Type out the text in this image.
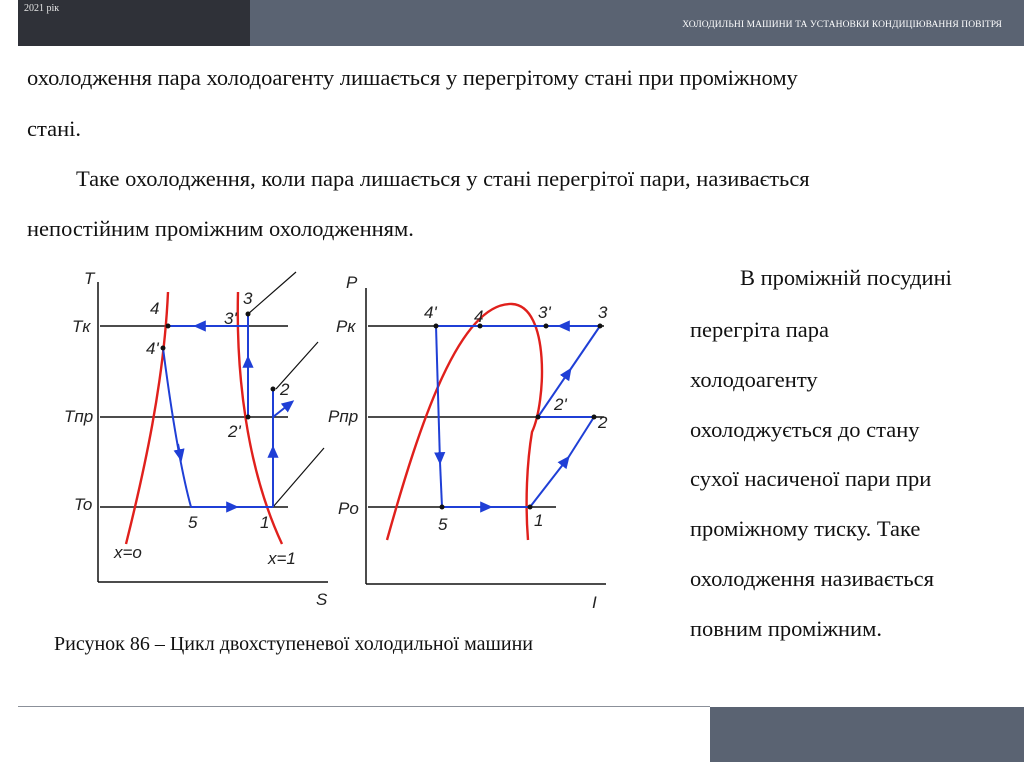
2021 рік
ХОЛОДИЛЬНІ МАШИНИ ТА УСТАНОВКИ КОНДИЦІЮВАННЯ ПОВІТРЯ
охолодження пара холодоагенту лишається у перегрітому стані при проміжному
стані.
Таке охолодження, коли пара лишається у стані перегрітої пари, називається
непостійним проміжним охолодженням.
В проміжній посудині
перегріта пара
холодоагенту
охолоджується до стану
сухої насиченої пари при
проміжному тиску. Таке
охолодження називається
повним проміжним.
T
S
Tк
Tпр
To
4
4'
3'
3
2
2'
5	1
x=o	x=1
P
I
Pк
Pпр
Po
4' 4	3'	3
2'
2
5	1
Рисунок 86 – Цикл двохступеневої холодильної машини
